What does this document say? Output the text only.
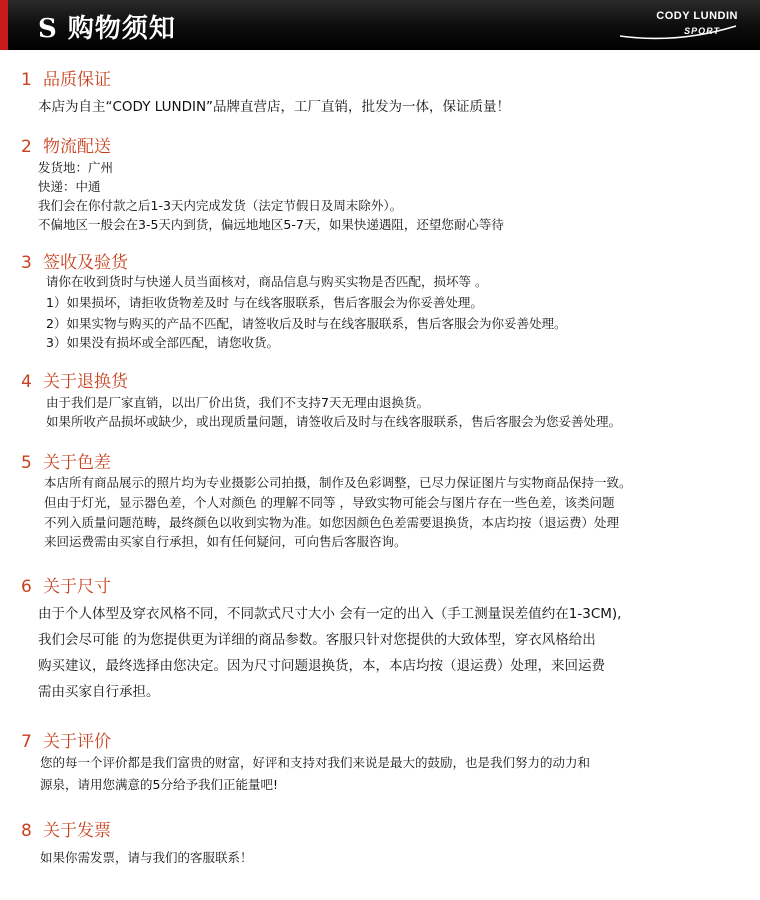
S 购物须知	CODY LUNDIN
SPORT
1 品质保证
本店为自主“CODY LUNDIN”品牌直营店，工厂直销，批发为一体，保证质量！
2 物流配送
发货地：广州
快递：中通
我们会在你付款之后1-3天内完成发货（法定节假日及周末除外）。
不偏地区一般会在3-5天内到货，偏远地地区5-7天，如果快递遇阻，还望您耐心等待
3 签收及验货
请你在收到货时与快递人员当面核对，商品信息与购买实物是否匹配，损坏等 。
1）如果损坏，请拒收货物差及时 与在线客服联系，售后客服会为你妥善处理。
2）如果实物与购买的产品不匹配，请签收后及时与在线客服联系，售后客服会为你妥善处理。
3）如果没有损坏或全部匹配，请您收货。
4 关于退换货
由于我们是厂家直销，以出厂价出货，我们不支持7天无理由退换货。
如果所收产品损坏或缺少，或出现质量问题，请签收后及时与在线客服联系，售后客服会为您妥善处理。
5 关于色差
本店所有商品展示的照片均为专业摄影公司拍摄，制作及色彩调整，已尽力保证图片与实物商品保持一致。
但由于灯光，显示器色差，个人对颜色 的理解不同等 ，导致实物可能会与图片存在一些色差，该类问题
不列入质量问题范畴，最终颜色以收到实物为准。如您因颜色色差需要退换货，本店均按（退运费）处理
来回运费需由买家自行承担，如有任何疑问，可向售后客服咨询。
6 关于尺寸
由于个人体型及穿衣风格不同，不同款式尺寸大小 会有一定的出入（手工测量误差值约在1-3CM),
我们会尽可能 的为您提供更为详细的商品参数。客服只针对您提供的大致体型，穿衣风格给出
购买建议，最终选择由您决定。因为尺寸问题退换货，本，本店均按（退运费）处理，来回运费
需由买家自行承担。
7 关于评价
您的每一个评价都是我们富贵的财富，好评和支持对我们来说是最大的鼓励，也是我们努力的动力和
源泉，请用您满意的5分给予我们正能量吧!
8 关于发票
如果你需发票，请与我们的客服联系！
